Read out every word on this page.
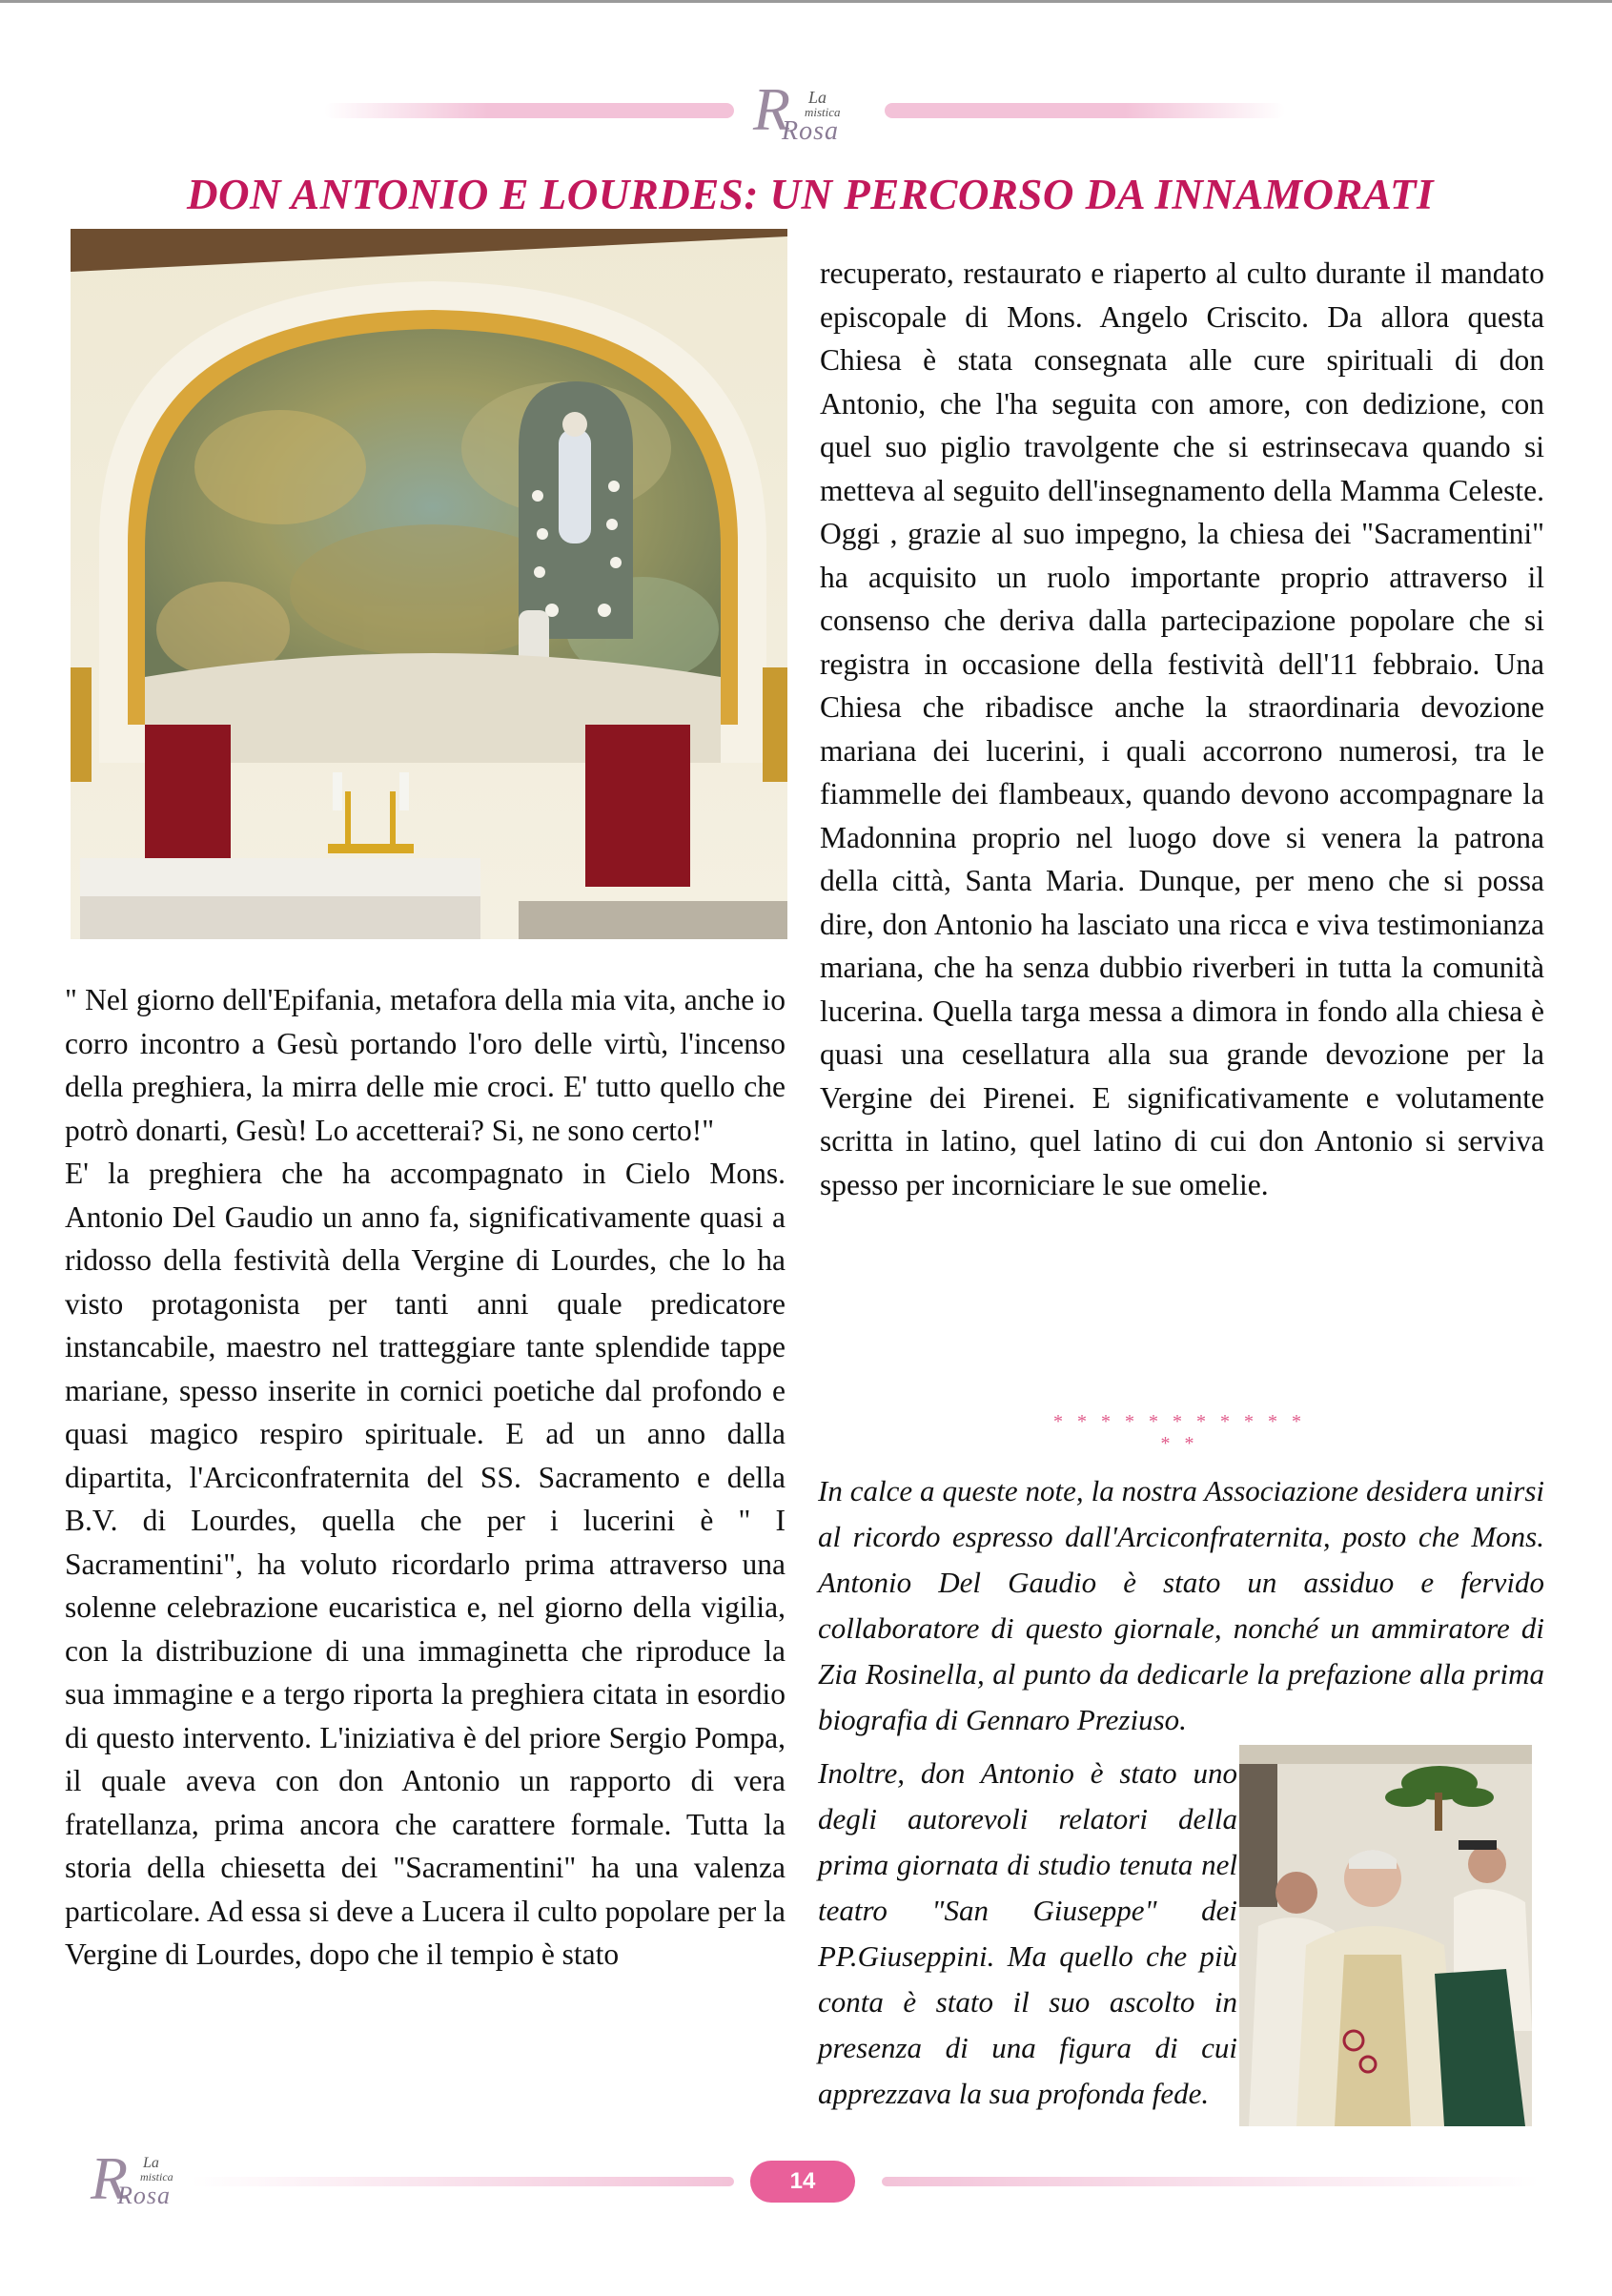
R La
mistica
Rosa
DON ANTONIO E LOURDES: UN PERCORSO DA INNAMORATI

recuperato, restaurato e riaperto al culto durante il mandato episcopale di Mons. Angelo Criscito. Da allora questa Chiesa è stata consegnata alle cure spirituali di don Antonio, che l'ha seguita con amore, con dedizione, con quel suo piglio travolgente che si estrinsecava quando si metteva al seguito dell'insegnamento della Mamma Celeste. Oggi , grazie al suo impegno, la chiesa dei "Sacramentini" ha acquisito un ruolo importante proprio attraverso il consenso che deriva dalla partecipazione popolare che si registra in occasione della festività dell'11 febbraio. Una Chiesa che ribadisce anche la straordinaria devozione mariana dei lucerini, i quali accorrono numerosi, tra le fiammelle dei flambeaux, quando devono accompagnare la Madonnina proprio nel luogo dove si venera la patrona della città, Santa Maria. Dunque, per meno che si possa dire, don Antonio ha lasciato una ricca e viva testimonianza mariana, che ha senza dubbio riverberi in tutta la comunità lucerina. Quella targa messa a dimora in fondo alla chiesa è quasi una cesellatura alla sua grande devozione per la Vergine dei Pirenei. E significativamente e volutamente scritta in latino, quel latino di cui don Antonio si serviva spesso per incorniciare le sue omelie.

" Nel giorno dell'Epifania, metafora della mia vita, anche io corro incontro a Gesù portando l'oro delle virtù, l'incenso della preghiera, la mirra delle mie croci. E' tutto quello che potrò donarti, Gesù! Lo accetterai? Si, ne sono certo!"

E' la preghiera che ha accompagnato in Cielo Mons. Antonio Del Gaudio un anno fa, significativamente quasi a ridosso della festività della Vergine di Lourdes, che lo ha visto protagonista per tanti anni quale predicatore instancabile, maestro nel tratteggiare tante splendide tappe mariane, spesso inserite in cornici poetiche dal profondo e quasi magico respiro spirituale. E ad un anno dalla dipartita, l'Arciconfraternita del SS. Sacramento e della B.V. di Lourdes, quella che per i lucerini è " I Sacramentini", ha voluto ricordarlo prima attraverso una solenne celebrazione eucaristica e, nel giorno della vigilia, con la distribuzione di una immaginetta che riproduce la sua immagine e a tergo riporta la preghiera citata in esordio di questo intervento. L'iniziativa è del priore Sergio Pompa, il quale aveva con don Antonio un rapporto di vera fratellanza, prima ancora che carattere formale. Tutta la storia della chiesetta dei "Sacramentini" ha una valenza particolare. Ad essa si deve a Lucera il culto popolare per la Vergine di Lourdes, dopo che il tempio è stato

* * * * * * * * * * * * *

In calce a queste note, la nostra Associazione desidera unirsi al ricordo espresso dall'Arciconfraternita, posto che Mons. Antonio Del Gaudio è stato un assiduo e fervido collaboratore di questo giornale, nonché un ammiratore di Zia Rosinella, al punto da dedicarle la prefazione alla prima biografia di Gennaro Preziuso.

Inoltre, don Antonio è stato uno degli autorevoli relatori della prima giornata di studio tenuta nel teatro "San Giuseppe" dei PP.Giuseppini. Ma quello che più conta è stato il suo ascolto in presenza di una figura di cui apprezzava la sua profonda fede.

R La
mistica
Rosa
14
